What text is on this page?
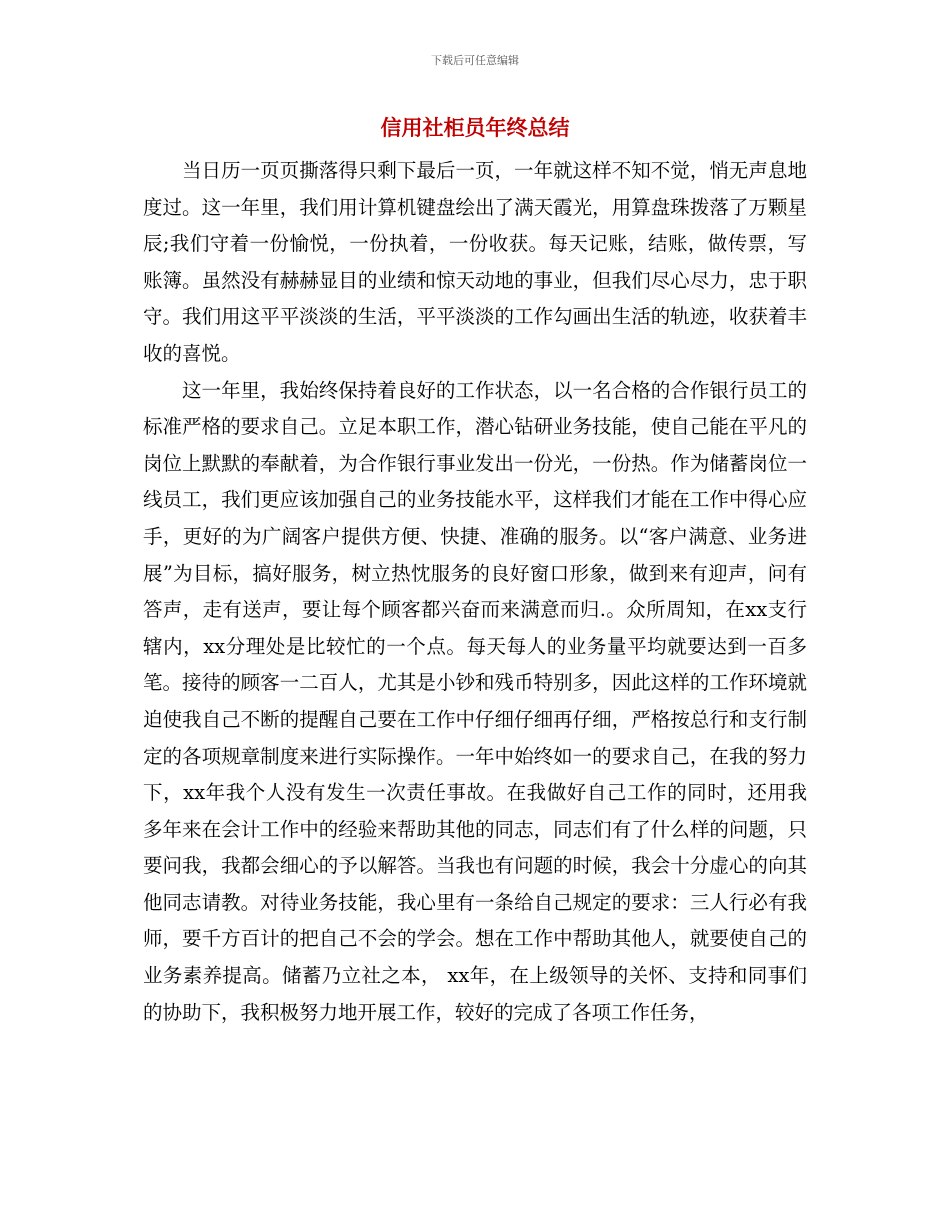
下载后可任意编辑
信用社柜员年终总结

当日历一页页撕落得只剩下最后一页，一年就这样不知不觉，悄无声息地度过。这一年里，我们用计算机键盘绘出了满天霞光，用算盘珠拨落了万颗星辰;我们守着一份愉悦，一份执着，一份收获。每天记账，结账，做传票，写账簿。虽然没有赫赫显目的业绩和惊天动地的事业，但我们尽心尽力，忠于职守。我们用这平平淡淡的生活，平平淡淡的工作勾画出生活的轨迹，收获着丰收的喜悦。

这一年里，我始终保持着良好的工作状态，以一名合格的合作银行员工的标准严格的要求自己。立足本职工作，潜心钻研业务技能，使自己能在平凡的岗位上默默的奉献着，为合作银行事业发出一份光，一份热。作为储蓄岗位一线员工，我们更应该加强自己的业务技能水平，这样我们才能在工作中得心应手，更好的为广阔客户提供方便、快捷、准确的服务。以“客户满意、业务进展”为目标，搞好服务，树立热忱服务的良好窗口形象，做到来有迎声，问有答声，走有送声，要让每个顾客都兴奋而来满意而归.。众所周知，在xx支行辖内，xx分理处是比较忙的一个点。每天每人的业务量平均就要达到一百多笔。接待的顾客一二百人，尤其是小钞和残币特别多，因此这样的工作环境就迫使我自己不断的提醒自己要在工作中仔细仔细再仔细，严格按总行和支行制定的各项规章制度来进行实际操作。一年中始终如一的要求自己，在我的努力下，xx年我个人没有发生一次责任事故。在我做好自己工作的同时，还用我多年来在会计工作中的经验来帮助其他的同志，同志们有了什么样的问题，只要问我，我都会细心的予以解答。当我也有问题的时候，我会十分虚心的向其他同志请教。对待业务技能，我心里有一条给自己规定的要求：三人行必有我师，要千方百计的把自己不会的学会。想在工作中帮助其他人，就要使自己的业务素养提高。储蓄乃立社之本， xx年，在上级领导的关怀、支持和同事们的协助下，我积极努力地开展工作，较好的完成了各项工作任务，
